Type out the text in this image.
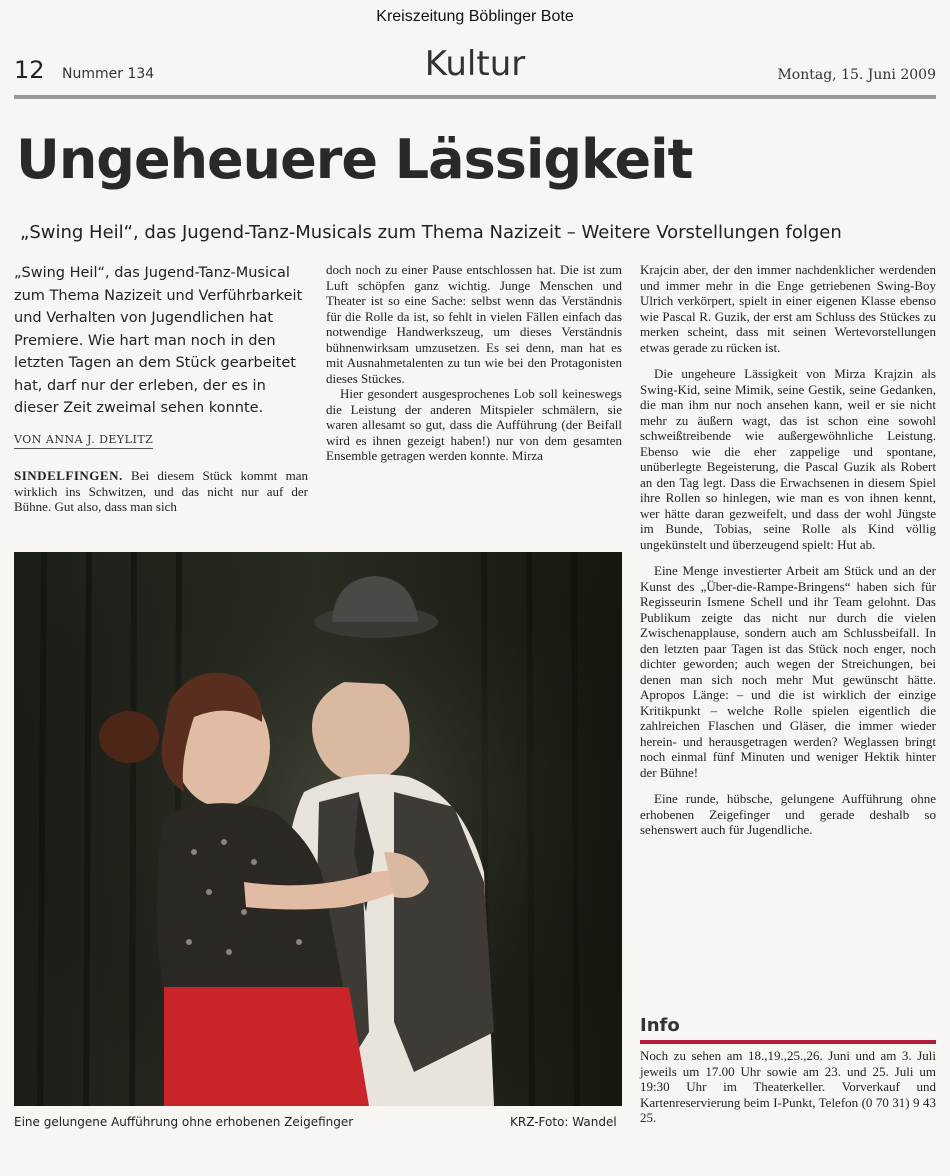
Kreiszeitung Böblinger Bote
12 Nummer 134	Kultur	Montag, 15. Juni 2009
Ungeheuere Lässigkeit
„Swing Heil“, das Jugend-Tanz-Musicals zum Thema Nazizeit – Weitere Vorstellungen folgen
„Swing Heil“, das Jugend-Tanz-Musical zum Thema Nazizeit und Verführbarkeit und Verhalten von Jugendlichen hat Premiere. Wie hart man noch in den letzten Tagen an dem Stück gearbeitet hat, darf nur der erleben, der es in dieser Zeit zweimal sehen konnte.
VON ANNA J. DEYLITZ

SINDELFINGEN. Bei diesem Stück kommt man wirklich ins Schwitzen, und das nicht nur auf der Bühne. Gut also, dass man sich

doch noch zu einer Pause entschlossen hat. Die ist zum Luft schöpfen ganz wichtig. Junge Menschen und Theater ist so eine Sache: selbst wenn das Verständnis für die Rolle da ist, so fehlt in vielen Fällen einfach das notwendige Handwerkszeug, um dieses Verständnis bühnenwirksam umzusetzen. Es sei denn, man hat es mit Ausnahmetalenten zu tun wie bei den Protagonisten dieses Stückes.

Hier gesondert ausgesprochenes Lob soll keineswegs die Leistung der anderen Mitspieler schmälern, sie waren allesamt so gut, dass die Aufführung (der Beifall wird es ihnen gezeigt haben!) nur von dem gesamten Ensemble getragen werden konnte. Mirza

Krajcin aber, der den immer nachdenklicher werdenden und immer mehr in die Enge getriebenen Swing-Boy Ulrich verkörpert, spielt in einer eigenen Klasse ebenso wie Pascal R. Guzik, der erst am Schluss des Stückes zu merken scheint, dass mit seinen Wertevorstellungen etwas gerade zu rücken ist.

Die ungeheure Lässigkeit von Mirza Krajzin als Swing-Kid, seine Mimik, seine Gestik, seine Gedanken, die man ihm nur noch ansehen kann, weil er sie nicht mehr zu äußern wagt, das ist schon eine sowohl schweißtreibende wie außergewöhnliche Leistung. Ebenso wie die eher zappelige und spontane, unüberlegte Begeisterung, die Pascal Guzik als Robert an den Tag legt. Dass die Erwachsenen in diesem Spiel ihre Rollen so hinlegen, wie man es von ihnen kennt, wer hätte daran gezweifelt, und dass der wohl Jüngste im Bunde, Tobias, seine Rolle als Kind völlig ungekünstelt und überzeugend spielt: Hut ab.

Eine Menge investierter Arbeit am Stück und an der Kunst des „Über-die-Rampe-Bringens“ haben sich für Regisseurin Ismene Schell und ihr Team gelohnt. Das Publikum zeigte das nicht nur durch die vielen Zwischenapplause, sondern auch am Schlussbeifall. In den letzten paar Tagen ist das Stück noch enger, noch dichter geworden; auch wegen der Streichungen, bei denen man sich noch mehr Mut gewünscht hätte. Apropos Länge: – und die ist wirklich der einzige Kritikpunkt – welche Rolle spielen eigentlich die zahlreichen Flaschen und Gläser, die immer wieder herein- und herausgetragen werden? Weglassen bringt noch einmal fünf Minuten und weniger Hektik hinter der Bühne!

Eine runde, hübsche, gelungene Aufführung ohne erhobenen Zeigefinger und gerade deshalb so sehenswert auch für Jugendliche.

Eine gelungene Aufführung ohne erhobenen Zeigefinger	KRZ-Foto: Wandel
Info

Noch zu sehen am 18.,19.,25.,26. Juni und am 3. Juli jeweils um 17.00 Uhr sowie am 23. und 25. Juli um 19:30 Uhr im Theaterkeller. Vorverkauf und Kartenreservierung beim I-Punkt, Telefon (0 70 31) 9 43 25.
